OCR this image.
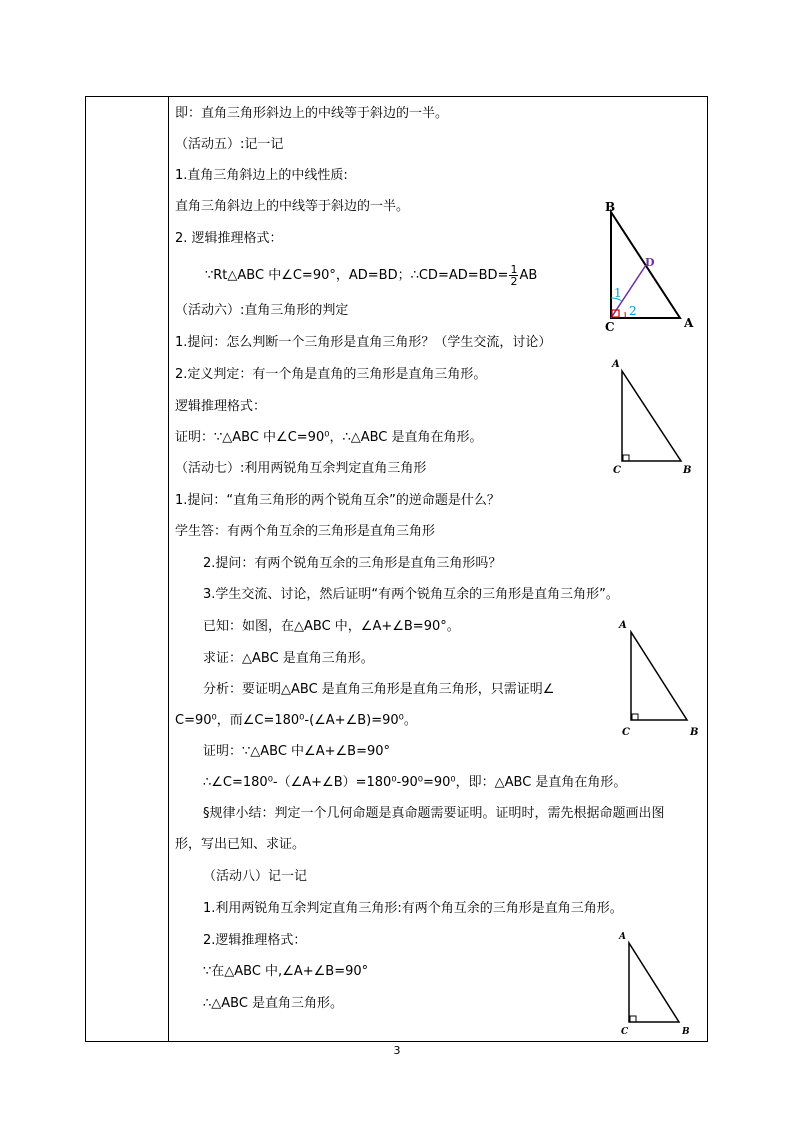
即：直角三角形斜边上的中线等于斜边的一半。
（活动五）:记一记
1.直角三角斜边上的中线性质:
直角三角斜边上的中线等于斜边的一半。
2. 逻辑推理格式：
∵Rt△ABC 中∠C=90°，AD=BD；∴CD=AD=BD= $\frac{1}{2}$ AB
（活动六）:直角三角形的判定
1.提问：怎么判断一个三角形是直角三角形？（学生交流，讨论）
2.定义判定：有一个角是直角的三角形是直角三角形。
逻辑推理格式：
证明：∵△ABC 中∠C=90⁰，∴△ABC 是直角在角形。
（活动七）:利用两锐角互余判定直角三角形
1.提问：“直角三角形的两个锐角互余”的逆命题是什么？
学生答：有两个角互余的三角形是直角三角形
2.提问：有两个锐角互余的三角形是直角三角形吗？
3.学生交流、讨论，然后证明“有两个锐角互余的三角形是直角三角形”。
已知：如图，在△ABC 中，∠A+∠B=90°。
求证：△ABC 是直角三角形。
分析：要证明△ABC 是直角三角形是直角三角形，只需证明∠
C=90⁰，而∠C=180⁰-(∠A+∠B)=90⁰。
证明：∵△ABC 中∠A+∠B=90°
∴∠C=180⁰-（∠A+∠B）=180⁰-90⁰=90⁰，即：△ABC 是直角在角形。
§规律小结：判定一个几何命题是真命题需要证明。证明时，需先根据命题画出图
形，写出已知、求证。
（活动八）记一记
1.利用两锐角互余判定直角三角形:有两个角互余的三角形是直角三角形。
2.逻辑推理格式：
∵在△ABC 中,∠A+∠B=90°
∴△ABC 是直角三角形。
B
C	A
D
1
2
A
C	B
A
C	B
A
C	B
3
